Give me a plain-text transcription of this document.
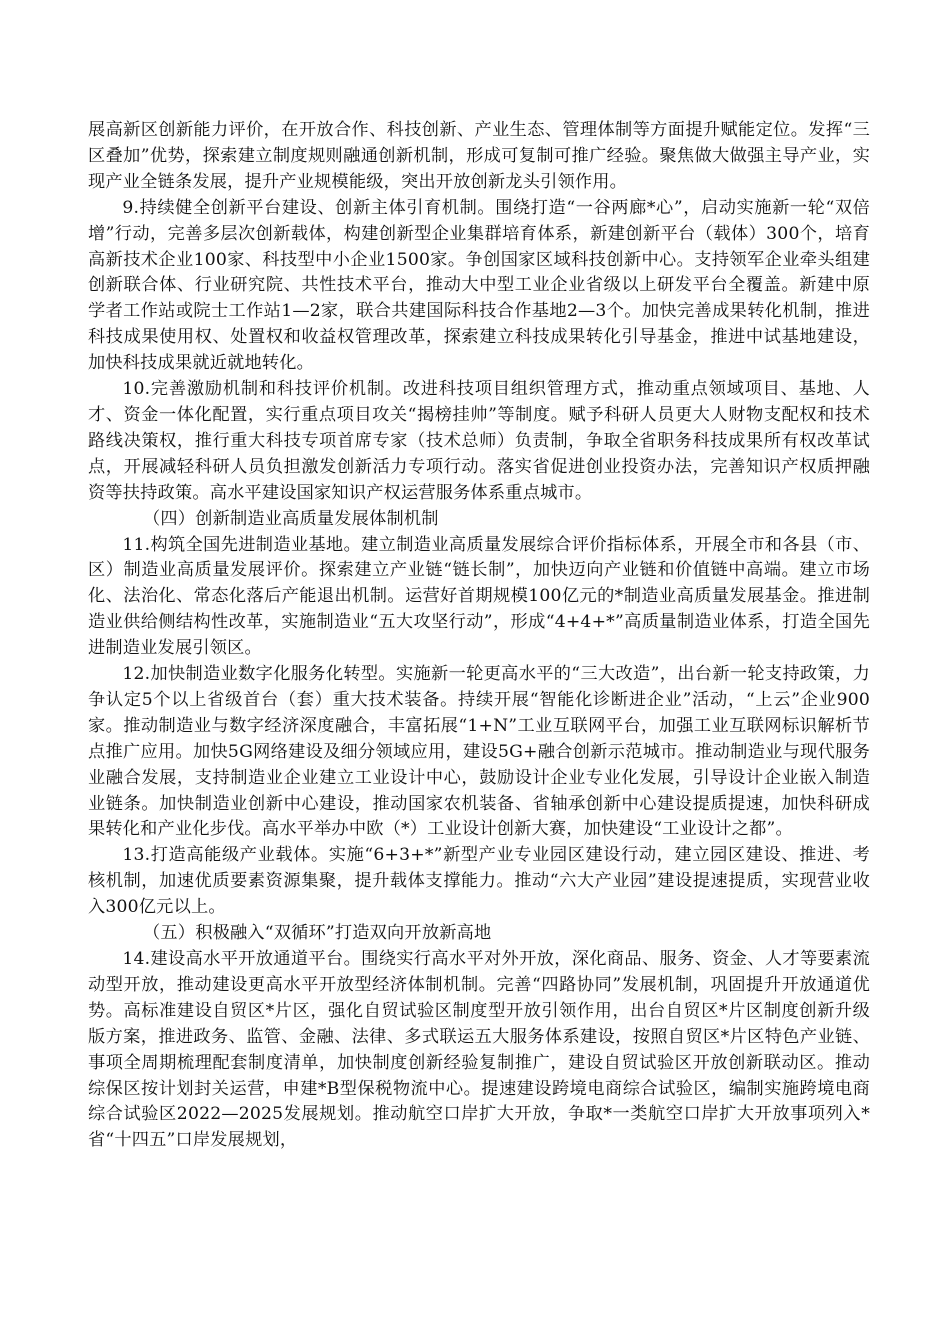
展高新区创新能力评价，在开放合作、科技创新、产业生态、管理体制等方面提升赋能定位。发挥“三区叠加”优势，探索建立制度规则融通创新机制，形成可复制可推广经验。聚焦做大做强主导产业，实现产业全链条发展，提升产业规模能级，突出开放创新龙头引领作用。

9.持续健全创新平台建设、创新主体引育机制。围绕打造“一谷两廊*心”，启动实施新一轮“双倍增”行动，完善多层次创新载体，构建创新型企业集群培育体系，新建创新平台（载体）300个，培育高新技术企业100家、科技型中小企业1500家。争创国家区域科技创新中心。支持领军企业牵头组建创新联合体、行业研究院、共性技术平台，推动大中型工业企业省级以上研发平台全覆盖。新建中原学者工作站或院士工作站1—2家，联合共建国际科技合作基地2—3个。加快完善成果转化机制，推进科技成果使用权、处置权和收益权管理改革，探索建立科技成果转化引导基金，推进中试基地建设，加快科技成果就近就地转化。

10.完善激励机制和科技评价机制。改进科技项目组织管理方式，推动重点领域项目、基地、人才、资金一体化配置，实行重点项目攻关“揭榜挂帅”等制度。赋予科研人员更大人财物支配权和技术路线决策权，推行重大科技专项首席专家（技术总师）负责制，争取全省职务科技成果所有权改革试点，开展减轻科研人员负担激发创新活力专项行动。落实省促进创业投资办法，完善知识产权质押融资等扶持政策。高水平建设国家知识产权运营服务体系重点城市。

（四）创新制造业高质量发展体制机制

11.构筑全国先进制造业基地。建立制造业高质量发展综合评价指标体系，开展全市和各县（市、区）制造业高质量发展评价。探索建立产业链“链长制”，加快迈向产业链和价值链中高端。建立市场化、法治化、常态化落后产能退出机制。运营好首期规模100亿元的*制造业高质量发展基金。推进制造业供给侧结构性改革，实施制造业“五大攻坚行动”，形成“4+4+*”高质量制造业体系，打造全国先进制造业发展引领区。

12.加快制造业数字化服务化转型。实施新一轮更高水平的“三大改造”，出台新一轮支持政策，力争认定5个以上省级首台（套）重大技术装备。持续开展“智能化诊断进企业”活动，“上云”企业900家。推动制造业与数字经济深度融合，丰富拓展“1+N”工业互联网平台，加强工业互联网标识解析节点推广应用。加快5G网络建设及细分领域应用，建设5G+融合创新示范城市。推动制造业与现代服务业融合发展，支持制造业企业建立工业设计中心，鼓励设计企业专业化发展，引导设计企业嵌入制造业链条。加快制造业创新中心建设，推动国家农机装备、省轴承创新中心建设提质提速，加快科研成果转化和产业化步伐。高水平举办中欧（*）工业设计创新大赛，加快建设“工业设计之都”。

13.打造高能级产业载体。实施“6+3+*”新型产业专业园区建设行动，建立园区建设、推进、考核机制，加速优质要素资源集聚，提升载体支撑能力。推动“六大产业园”建设提速提质，实现营业收入300亿元以上。

（五）积极融入“双循环”打造双向开放新高地

14.建设高水平开放通道平台。围绕实行高水平对外开放，深化商品、服务、资金、人才等要素流动型开放，推动建设更高水平开放型经济体制机制。完善“四路协同”发展机制，巩固提升开放通道优势。高标准建设自贸区*片区，强化自贸试验区制度型开放引领作用，出台自贸区*片区制度创新升级版方案，推进政务、监管、金融、法律、多式联运五大服务体系建设，按照自贸区*片区特色产业链、事项全周期梳理配套制度清单，加快制度创新经验复制推广，建设自贸试验区开放创新联动区。推动综保区按计划封关运营，申建*B型保税物流中心。提速建设跨境电商综合试验区，编制实施跨境电商综合试验区2022—2025发展规划。推动航空口岸扩大开放，争取*一类航空口岸扩大开放事项列入*省“十四五”口岸发展规划，
